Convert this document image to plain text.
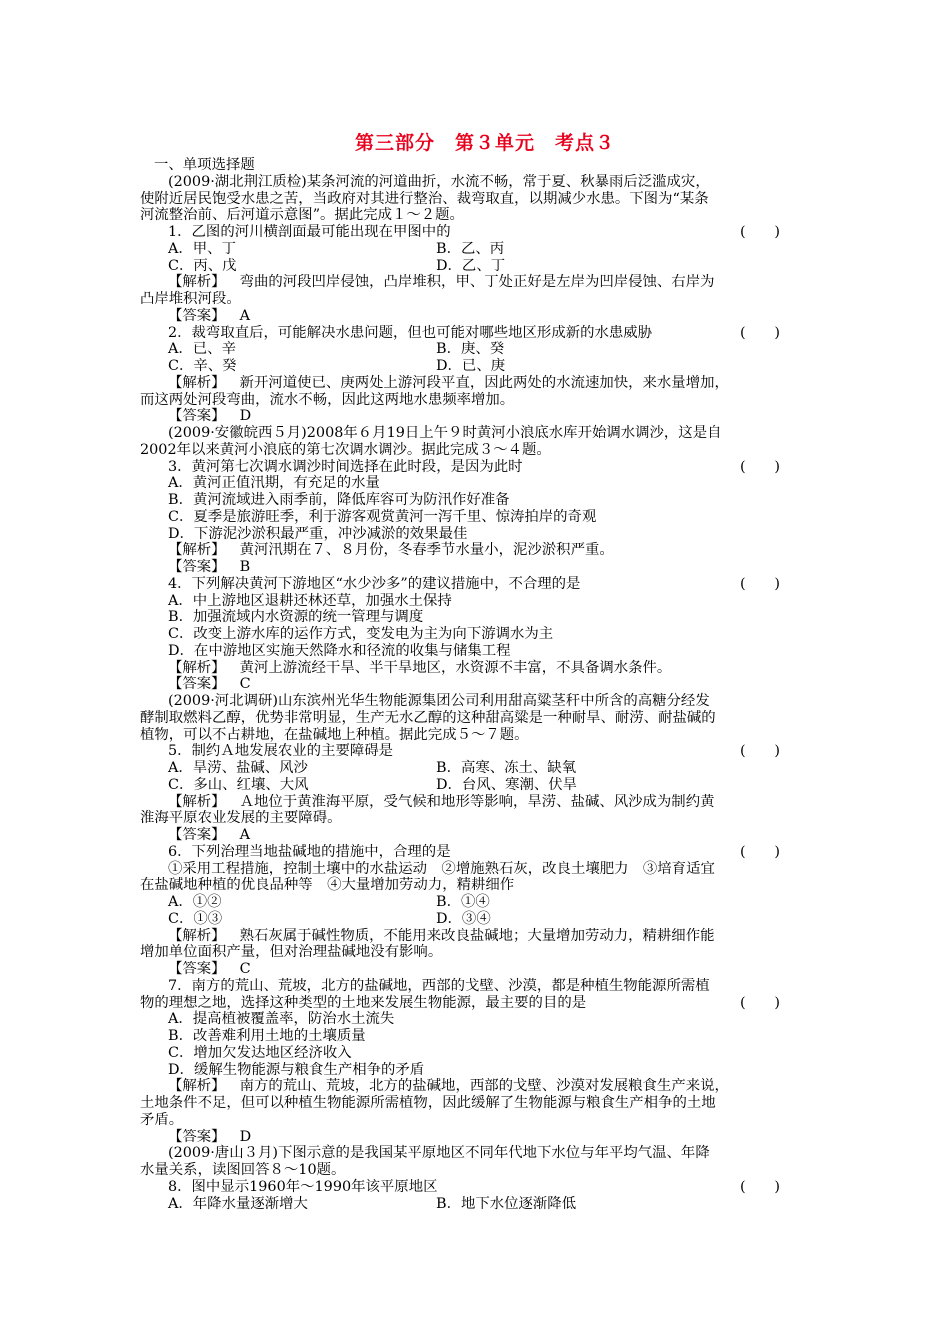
第三部分　第３单元　考点３
一、单项选择题
(2009·湖北荆江质检)某条河流的河道曲折，水流不畅，常于夏、秋暴雨后泛滥成灾，
使附近居民饱受水患之苦，当政府对其进行整治、裁弯取直，以期减少水患。下图为“某条
河流整治前、后河道示意图”。据此完成１～２题。
1．乙图的河川横剖面最可能出现在甲图中的	(　　)
A．甲、丁	B．乙、丙
C．丙、戊	D．乙、丁
【解析】 弯曲的河段凹岸侵蚀，凸岸堆积，甲、丁处正好是左岸为凹岸侵蚀、右岸为
凸岸堆积河段。
【答案】 A
2．裁弯取直后，可能解决水患问题，但也可能对哪些地区形成新的水患威胁	(　　)
A．已、辛	B．庚、癸
C．辛、癸	D．已、庚
【解析】 新开河道使已、庚两处上游河段平直，因此两处的水流速加快，来水量增加，
而这两处河段弯曲，流水不畅，因此这两地水患频率增加。
【答案】 D
(2009·安徽皖西５月)2008年６月19日上午９时黄河小浪底水库开始调水调沙，这是自
2002年以来黄河小浪底的第七次调水调沙。据此完成３～４题。
3．黄河第七次调水调沙时间选择在此时段，是因为此时	(　　)
A．黄河正值汛期，有充足的水量
B．黄河流域进入雨季前，降低库容可为防汛作好准备
C．夏季是旅游旺季，利于游客观赏黄河一泻千里、惊涛拍岸的奇观
D．下游泥沙淤积最严重，冲沙减淤的效果最佳
【解析】 黄河汛期在７、８月份，冬春季节水量小，泥沙淤积严重。
【答案】 B
4．下列解决黄河下游地区“水少沙多”的建议措施中，不合理的是	(　　)
A．中上游地区退耕还林还草，加强水土保持
B．加强流域内水资源的统一管理与调度
C．改变上游水库的运作方式，变发电为主为向下游调水为主
D．在中游地区实施天然降水和径流的收集与储集工程
【解析】 黄河上游流经干旱、半干旱地区，水资源不丰富，不具备调水条件。
【答案】 C
(2009·河北调研)山东滨州光华生物能源集团公司利用甜高粱茎秆中所含的高糖分经发
酵制取燃料乙醇，优势非常明显，生产无水乙醇的这种甜高粱是一种耐旱、耐涝、耐盐碱的
植物，可以不占耕地，在盐碱地上种植。据此完成５～７题。
5．制约Ａ地发展农业的主要障碍是	(　　)
A．旱涝、盐碱、风沙	B．高寒、冻土、缺氧
C．多山、红壤、大风	D．台风、寒潮、伏旱
【解析】 Ａ地位于黄淮海平原，受气候和地形等影响，旱涝、盐碱、风沙成为制约黄
淮海平原农业发展的主要障碍。
【答案】 A
6．下列治理当地盐碱地的措施中，合理的是	(　　)
①采用工程措施，控制土壤中的水盐运动　②增施熟石灰，改良土壤肥力　③培育适宜
在盐碱地种植的优良品种等　④大量增加劳动力，精耕细作
A．①②	B．①④
C．①③	D．③④
【解析】 熟石灰属于碱性物质，不能用来改良盐碱地；大量增加劳动力，精耕细作能
增加单位面积产量，但对治理盐碱地没有影响。
【答案】 C
7．南方的荒山、荒坡，北方的盐碱地，西部的戈壁、沙漠，都是种植生物能源所需植
物的理想之地，选择这种类型的土地来发展生物能源，最主要的目的是	(　　)
A．提高植被覆盖率，防治水土流失
B．改善难利用土地的土壤质量
C．增加欠发达地区经济收入
D．缓解生物能源与粮食生产相争的矛盾
【解析】 南方的荒山、荒坡，北方的盐碱地，西部的戈壁、沙漠对发展粮食生产来说，
土地条件不足，但可以种植生物能源所需植物，因此缓解了生物能源与粮食生产相争的土地
矛盾。
【答案】 D
(2009·唐山３月)下图示意的是我国某平原地区不同年代地下水位与年平均气温、年降
水量关系，读图回答８～10题。
8．图中显示1960年～1990年该平原地区	(　　)
A．年降水量逐渐增大	B．地下水位逐渐降低
